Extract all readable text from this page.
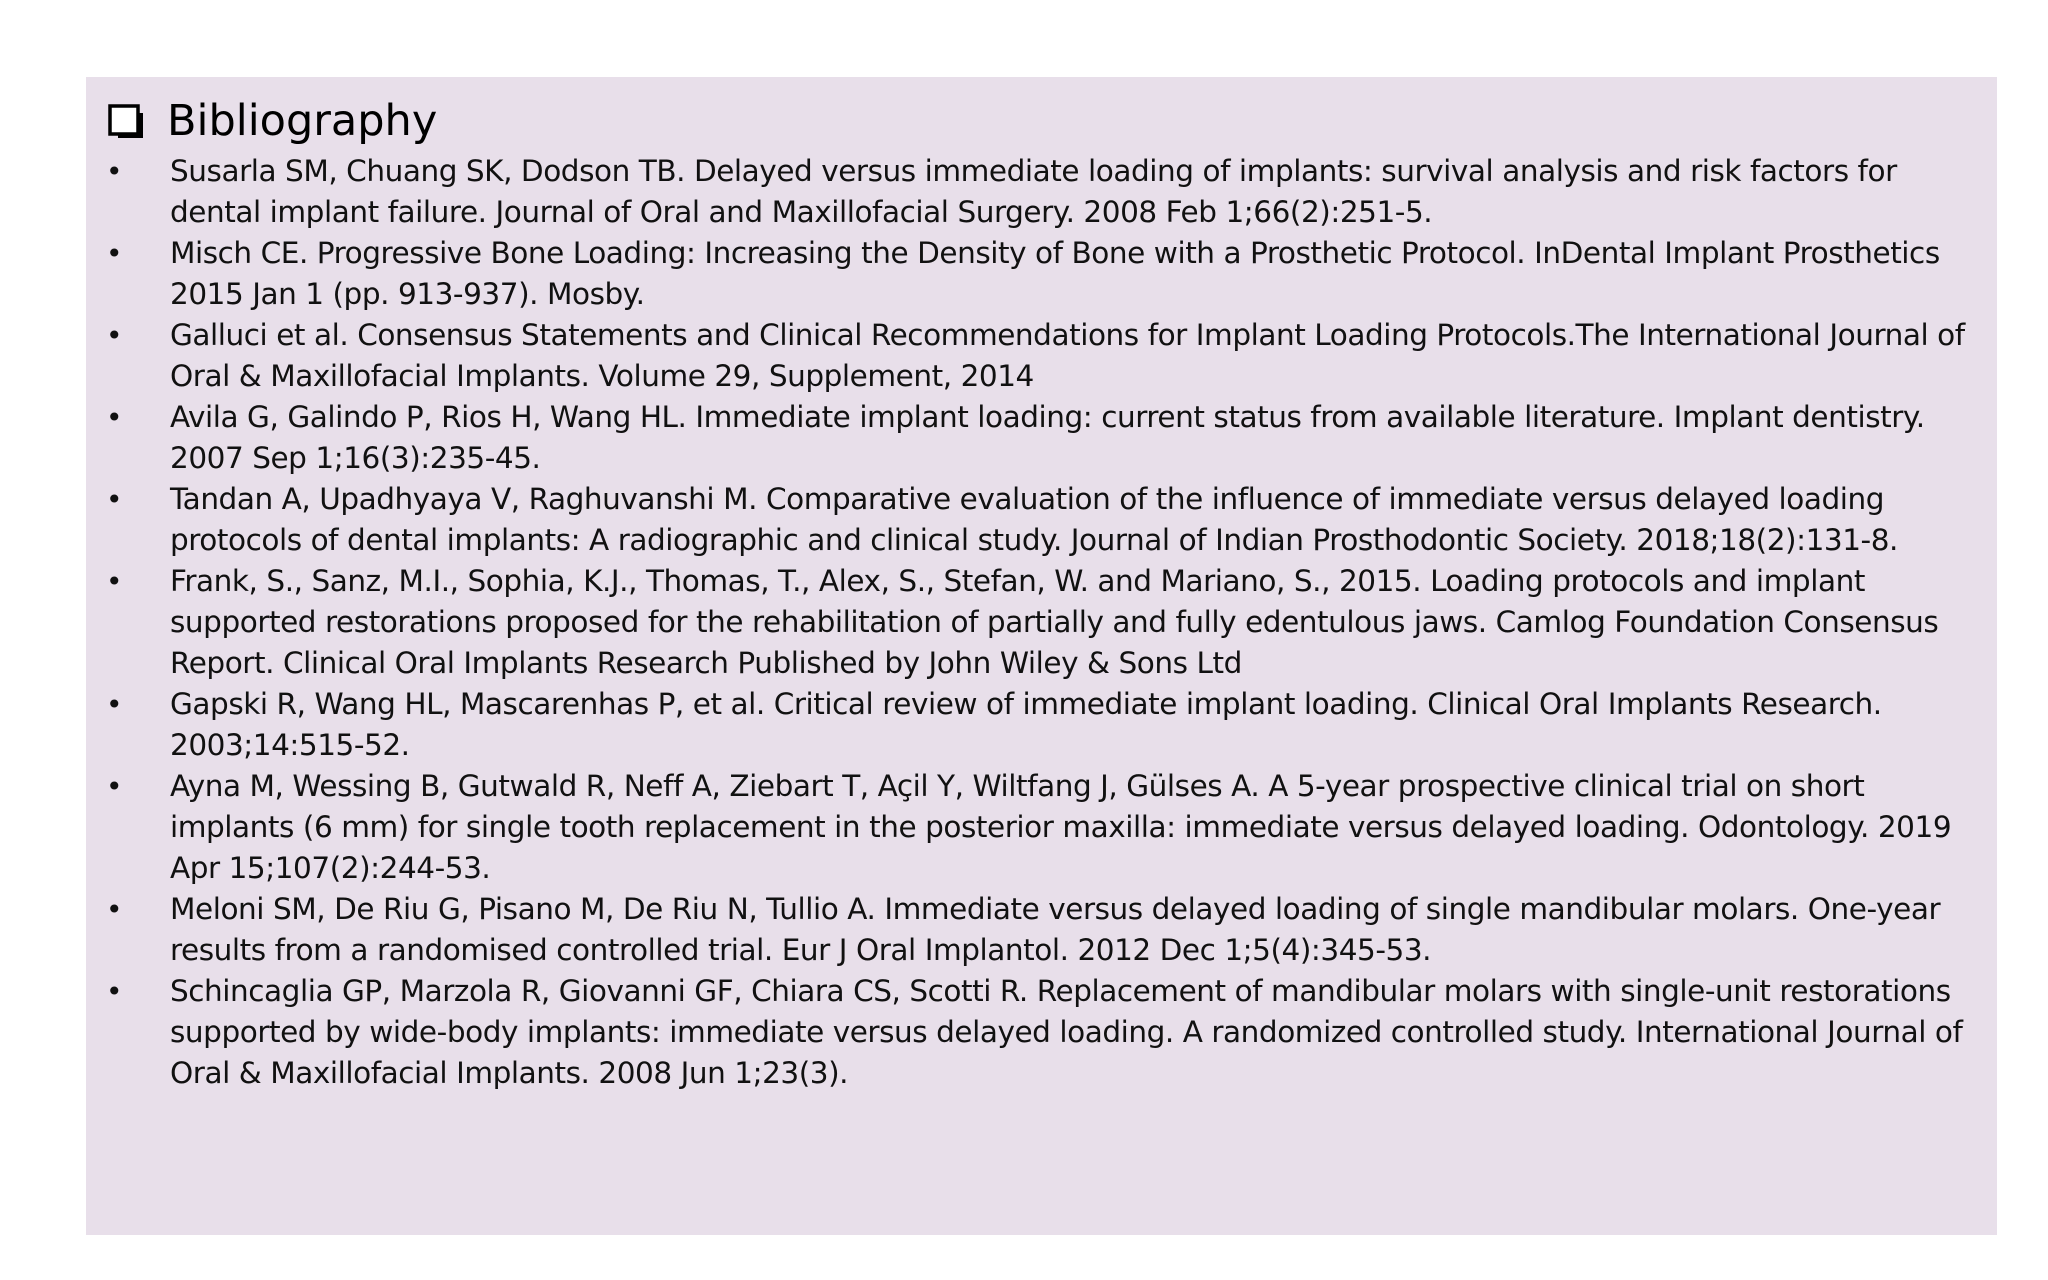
Bibliography
• Susarla SM, Chuang SK, Dodson TB. Delayed versus immediate loading of implants: survival analysis and risk factors for dental implant failure. Journal of Oral and Maxillofacial Surgery. 2008 Feb 1;66(2):251-5.
• Misch CE. Progressive Bone Loading: Increasing the Density of Bone with a Prosthetic Protocol. InDental Implant Prosthetics 2015 Jan 1 (pp. 913-937). Mosby.
• Galluci et al. Consensus Statements and Clinical Recommendations for Implant Loading Protocols.The International Journal of Oral & Maxillofacial Implants. Volume 29, Supplement, 2014
• Avila G, Galindo P, Rios H, Wang HL. Immediate implant loading: current status from available literature. Implant dentistry. 2007 Sep 1;16(3):235-45.
• Tandan A, Upadhyaya V, Raghuvanshi M. Comparative evaluation of the influence of immediate versus delayed loading protocols of dental implants: A radiographic and clinical study. Journal of Indian Prosthodontic Society. 2018;18(2):131-8.
• Frank, S., Sanz, M.I., Sophia, K.J., Thomas, T., Alex, S., Stefan, W. and Mariano, S., 2015. Loading protocols and implant supported restorations proposed for the rehabilitation of partially and fully edentulous jaws. Camlog Foundation Consensus Report. Clinical Oral Implants Research Published by John Wiley & Sons Ltd
• Gapski R, Wang HL, Mascarenhas P, et al. Critical review of immediate implant loading. Clinical Oral Implants Research. 2003;14:515-52.
• Ayna M, Wessing B, Gutwald R, Neff A, Ziebart T, Açil Y, Wiltfang J, Gülses A. A 5-year prospective clinical trial on short implants (6 mm) for single tooth replacement in the posterior maxilla: immediate versus delayed loading. Odontology. 2019 Apr 15;107(2):244-53.
• Meloni SM, De Riu G, Pisano M, De Riu N, Tullio A. Immediate versus delayed loading of single mandibular molars. One-year results from a randomised controlled trial. Eur J Oral Implantol. 2012 Dec 1;5(4):345-53.
• Schincaglia GP, Marzola R, Giovanni GF, Chiara CS, Scotti R. Replacement of mandibular molars with single-unit restorations supported by wide-body implants: immediate versus delayed loading. A randomized controlled study. International Journal of Oral & Maxillofacial Implants. 2008 Jun 1;23(3).
